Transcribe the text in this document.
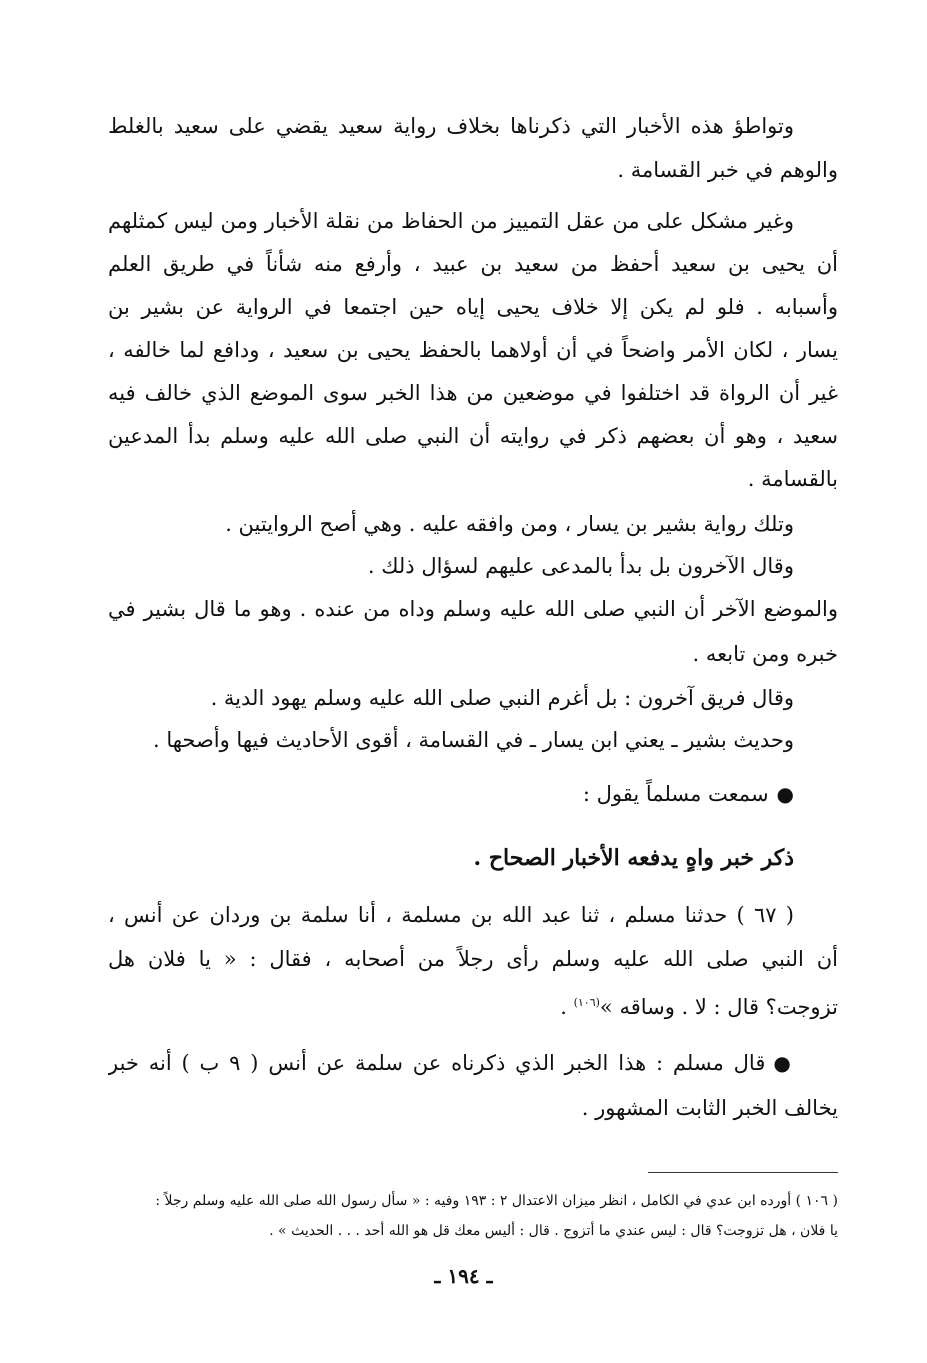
وتواطؤ هذه الأخبار التي ذكرناها بخلاف رواية سعيد يقضي على سعيد بالغلط
والوهم في خبر القسامة .
وغير مشكل على من عقل التمييز من الحفاظ من نقلة الأخبار ومن ليس كمثلهم
أن يحيى بن سعيد أحفظ من سعيد بن عبيد ، وأرفع منه شأناً في طريق العلم
وأسبابه . فلو لم يكن إلا خلاف يحيى إياه حين اجتمعا في الرواية عن بشير بن
يسار ، لكان الأمر واضحاً في أن أولاهما بالحفظ يحيى بن سعيد ، ودافع لما خالفه ،
غير أن الرواة قد اختلفوا في موضعين من هذا الخبر سوى الموضع الذي خالف فيه
سعيد ، وهو أن بعضهم ذكر في روايته أن النبي صلى الله عليه وسلم بدأ المدعين
بالقسامة .
وتلك رواية بشير بن يسار ، ومن وافقه عليه . وهي أصح الروايتين .
وقال الآخرون بل بدأ بالمدعى عليهم لسؤال ذلك .
والموضع الآخر أن النبي صلى الله عليه وسلم وداه من عنده . وهو ما قال بشير في
خبره ومن تابعه .
وقال فريق آخرون : بل أغرم النبي صلى الله عليه وسلم يهود الدية .
وحديث بشير ـ يعني ابن يسار ـ في القسامة ، أقوى الأحاديث فيها وأصحها .
●سمعت مسلماً يقول :
ذكر خبر واهٍ يدفعه الأخبار الصحاح .
( ٦٧ ) حدثنا مسلم ، ثنا عبد الله بن مسلمة ، أنا سلمة بن وردان عن أنس ،
أن النبي صلى الله عليه وسلم رأى رجلاً من أصحابه ، فقال : « يا فلان هل
تزوجت؟ قال : لا . وساقه »$^{(١٠٦)}$ .
●قال مسلم : هذا الخبر الذي ذكرناه عن سلمة عن أنس ( ٩ ب ) أنه خبر
يخالف الخبر الثابت المشهور .
( ١٠٦ ) أورده ابن عدي في الكامل ، انظر ميزان الاعتدال ٢ : ١٩٣ وفيه : « سأل رسول الله صلى الله عليه وسلم رجلاً :
يا فلان ، هل تزوجت؟ قال : ليس عندي ما أتزوج . قال : أليس معك قل هو الله أحد . . . الحديث » .
ـ ١٩٤ ـ
